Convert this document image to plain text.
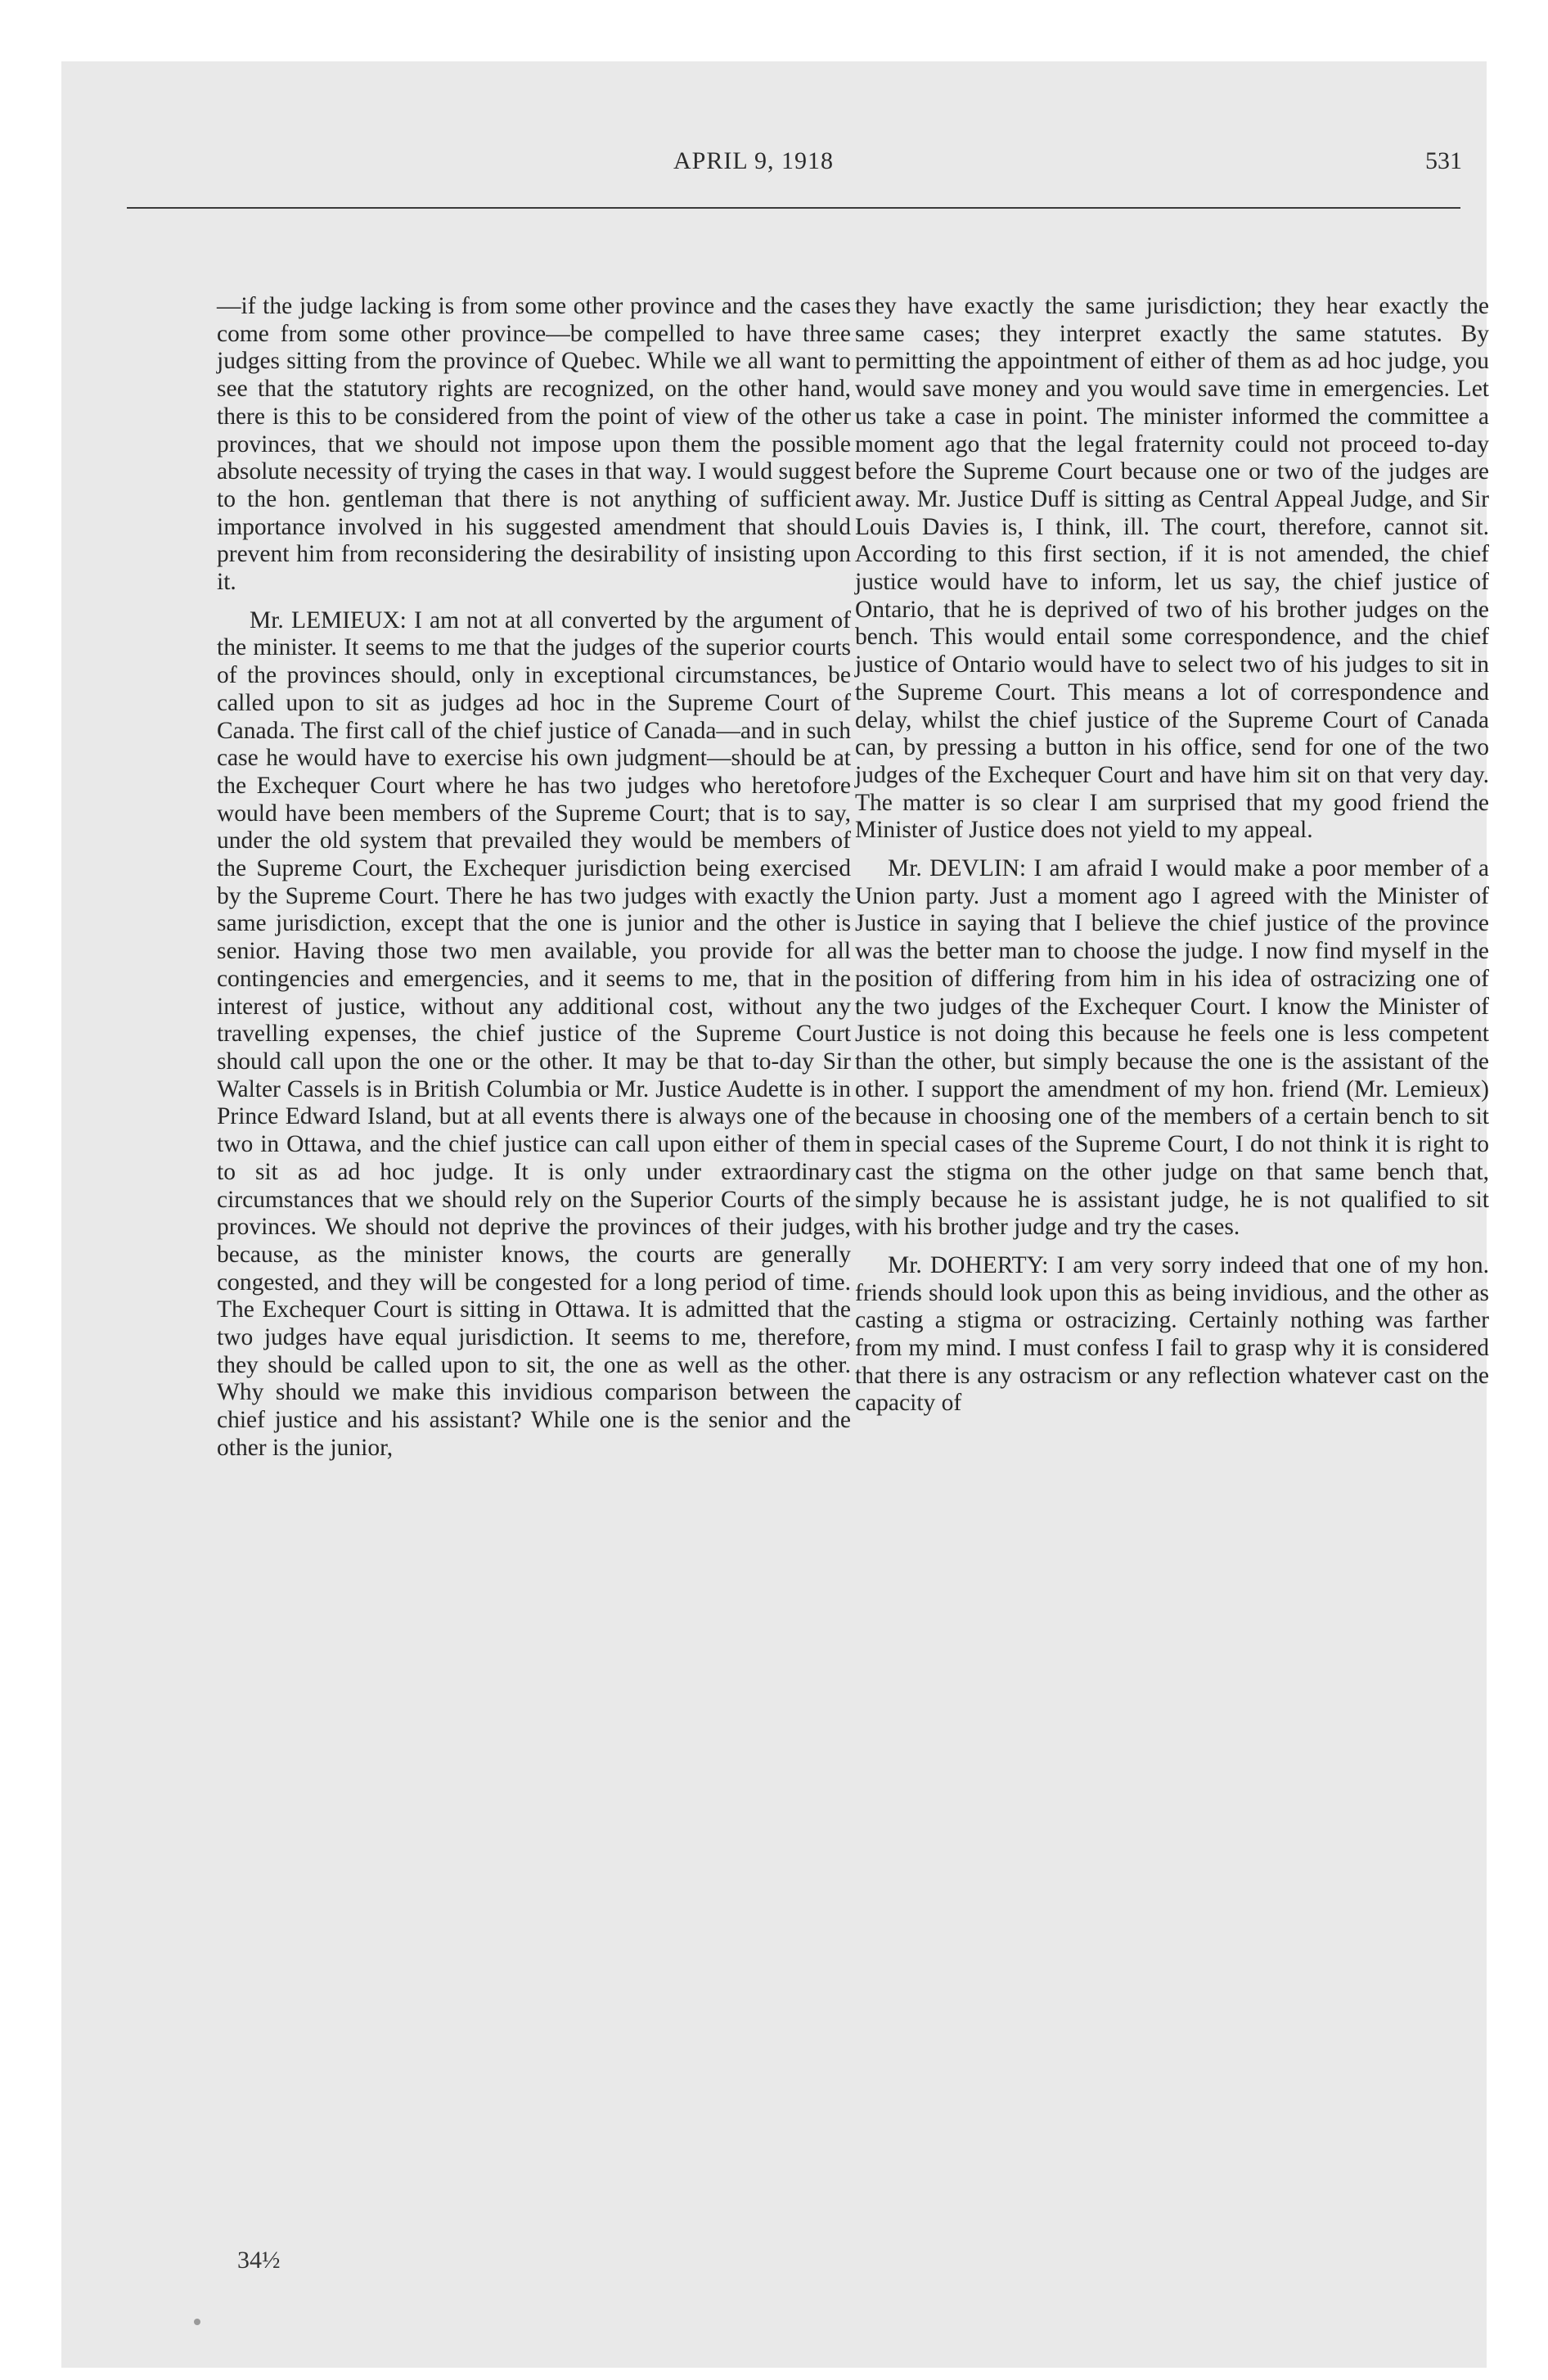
APRIL 9, 1918	531

—if the judge lacking is from some other province and the cases come from some other province—be compelled to have three judges sitting from the province of Quebec. While we all want to see that the statutory rights are recognized, on the other hand, there is this to be considered from the point of view of the other provinces, that we should not impose upon them the possible absolute necessity of trying the cases in that way. I would suggest to the hon. gentleman that there is not anything of sufficient importance involved in his suggested amendment that should prevent him from reconsidering the desirability of insisting upon it.

Mr. LEMIEUX: I am not at all converted by the argument of the minister. It seems to me that the judges of the superior courts of the provinces should, only in exceptional circumstances, be called upon to sit as judges ad hoc in the Supreme Court of Canada. The first call of the chief justice of Canada—and in such case he would have to exercise his own judgment—should be at the Exchequer Court where he has two judges who heretofore would have been members of the Supreme Court; that is to say, under the old system that prevailed they would be members of the Supreme Court, the Exchequer jurisdiction being exercised by the Supreme Court. There he has two judges with exactly the same jurisdiction, except that the one is junior and the other is senior. Having those two men available, you provide for all contingencies and emergencies, and it seems to me, that in the interest of justice, without any additional cost, without any travelling expenses, the chief justice of the Supreme Court should call upon the one or the other. It may be that to-day Sir Walter Cassels is in British Columbia or Mr. Justice Audette is in Prince Edward Island, but at all events there is always one of the two in Ottawa, and the chief justice can call upon either of them to sit as ad hoc judge. It is only under extraordinary circumstances that we should rely on the Superior Courts of the provinces. We should not deprive the provinces of their judges, because, as the minister knows, the courts are generally congested, and they will be congested for a long period of time. The Exchequer Court is sitting in Ottawa. It is admitted that the two judges have equal jurisdiction. It seems to me, therefore, they should be called upon to sit, the one as well as the other. Why should we make this invidious comparison between the chief justice and his assistant? While one is the senior and the other is the junior,

they have exactly the same jurisdiction; they hear exactly the same cases; they interpret exactly the same statutes. By permitting the appointment of either of them as ad hoc judge, you would save money and you would save time in emergencies. Let us take a case in point. The minister informed the committee a moment ago that the legal fraternity could not proceed to-day before the Supreme Court because one or two of the judges are away. Mr. Justice Duff is sitting as Central Appeal Judge, and Sir Louis Davies is, I think, ill. The court, therefore, cannot sit. According to this first section, if it is not amended, the chief justice would have to inform, let us say, the chief justice of Ontario, that he is deprived of two of his brother judges on the bench. This would entail some correspondence, and the chief justice of Ontario would have to select two of his judges to sit in the Supreme Court. This means a lot of correspondence and delay, whilst the chief justice of the Supreme Court of Canada can, by pressing a button in his office, send for one of the two judges of the Exchequer Court and have him sit on that very day. The matter is so clear I am surprised that my good friend the Minister of Justice does not yield to my appeal.

Mr. DEVLIN: I am afraid I would make a poor member of a Union party. Just a moment ago I agreed with the Minister of Justice in saying that I believe the chief justice of the province was the better man to choose the judge. I now find myself in the position of differing from him in his idea of ostracizing one of the two judges of the Exchequer Court. I know the Minister of Justice is not doing this because he feels one is less competent than the other, but simply because the one is the assistant of the other. I support the amendment of my hon. friend (Mr. Lemieux) because in choosing one of the members of a certain bench to sit in special cases of the Supreme Court, I do not think it is right to cast the stigma on the other judge on that same bench that, simply because he is assistant judge, he is not qualified to sit with his brother judge and try the cases.

Mr. DOHERTY: I am very sorry indeed that one of my hon. friends should look upon this as being invidious, and the other as casting a stigma or ostracizing. Certainly nothing was farther from my mind. I must confess I fail to grasp why it is considered that there is any ostracism or any reflection whatever cast on the capacity of

34½
